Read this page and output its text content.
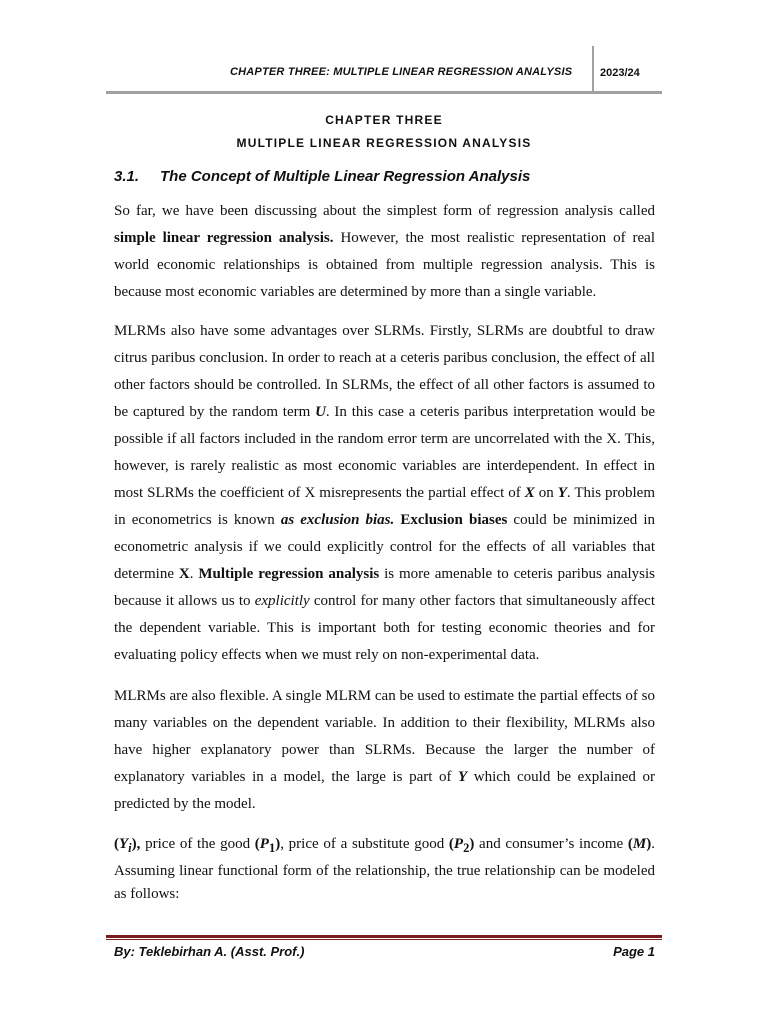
CHAPTER THREE: MULTIPLE LINEAR REGRESSION ANALYSIS	2023/24
CHAPTER THREE
MULTIPLE LINEAR REGRESSION ANALYSIS
3.1. The Concept of Multiple Linear Regression Analysis

So far, we have been discussing about the simplest form of regression analysis called simple linear regression analysis. However, the most realistic representation of real world economic relationships is obtained from multiple regression analysis. This is because most economic variables are determined by more than a single variable.

MLRMs also have some advantages over SLRMs. Firstly, SLRMs are doubtful to draw citrus paribus conclusion. In order to reach at a ceteris paribus conclusion, the effect of all other factors should be controlled. In SLRMs, the effect of all other factors is assumed to be captured by the random term U. In this case a ceteris paribus interpretation would be possible if all factors included in the random error term are uncorrelated with the X. This, however, is rarely realistic as most economic variables are interdependent. In effect in most SLRMs the coefficient of X misrepresents the partial effect of X on Y. This problem in econometrics is known as exclusion bias. Exclusion biases could be minimized in econometric analysis if we could explicitly control for the effects of all variables that determine X. Multiple regression analysis is more amenable to ceteris paribus analysis because it allows us to explicitly control for many other factors that simultaneously affect the dependent variable. This is important both for testing economic theories and for evaluating policy effects when we must rely on non-experimental data.

MLRMs are also flexible. A single MLRM can be used to estimate the partial effects of so many variables on the dependent variable. In addition to their flexibility, MLRMs also have higher explanatory power than SLRMs. Because the larger the number of explanatory variables in a model, the large is part of Y which could be explained or predicted by the model.

$(Y_i)$, price of the good $(P_1)$, price of a substitute good $(P_2)$ and consumer’s income (M). Assuming linear functional form of the relationship, the true relationship can be modeled as follows:

By: Teklebirhan A. (Asst. Prof.)	Page 1
